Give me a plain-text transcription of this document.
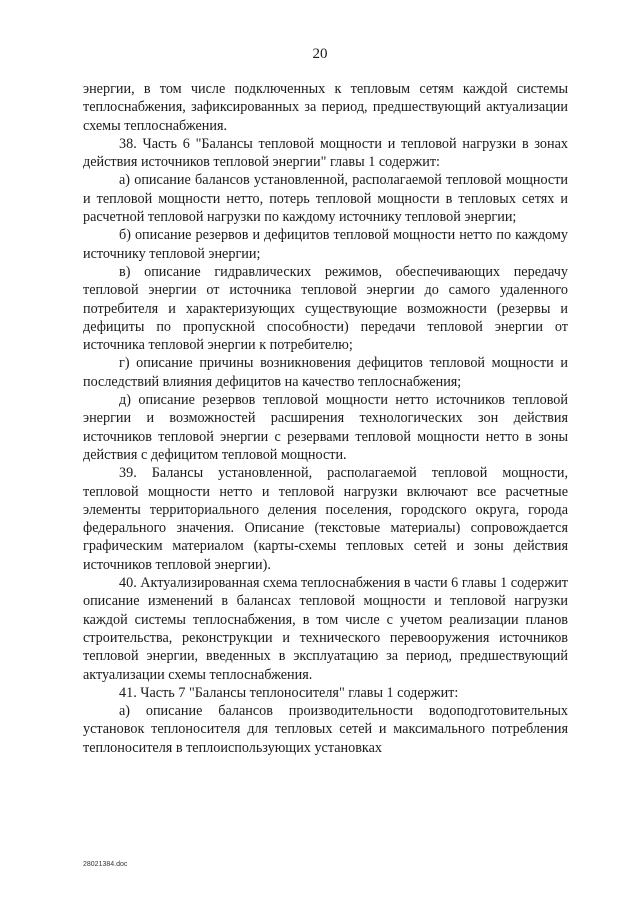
20

энергии, в том числе подключенных к тепловым сетям каждой системы теплоснабжения, зафиксированных за период, предшествующий актуализации схемы теплоснабжения.

38. Часть 6 "Балансы тепловой мощности и тепловой нагрузки в зонах действия источников тепловой энергии" главы 1 содержит:

а) описание балансов установленной, располагаемой тепловой мощности и тепловой мощности нетто, потерь тепловой мощности в тепловых сетях и расчетной тепловой нагрузки по каждому источнику тепловой энергии;

б) описание резервов и дефицитов тепловой мощности нетто по каждому источнику тепловой энергии;

в) описание гидравлических режимов, обеспечивающих передачу тепловой энергии от источника тепловой энергии до самого удаленного потребителя и характеризующих существующие возможности (резервы и дефициты по пропускной способности) передачи тепловой энергии от источника тепловой энергии к потребителю;

г) описание причины возникновения дефицитов тепловой мощности и последствий влияния дефицитов на качество теплоснабжения;

д) описание резервов тепловой мощности нетто источников тепловой энергии и возможностей расширения технологических зон действия источников тепловой энергии с резервами тепловой мощности нетто в зоны действия с дефицитом тепловой мощности.

39. Балансы установленной, располагаемой тепловой мощности, тепловой мощности нетто и тепловой нагрузки включают все расчетные элементы территориального деления поселения, городского округа, города федерального значения. Описание (текстовые материалы) сопровождается графическим материалом (карты-схемы тепловых сетей и зоны действия источников тепловой энергии).

40. Актуализированная схема теплоснабжения в части 6 главы 1 содержит описание изменений в балансах тепловой мощности и тепловой нагрузки каждой системы теплоснабжения, в том числе с учетом реализации планов строительства, реконструкции и технического перевооружения источников тепловой энергии, введенных в эксплуатацию за период, предшествующий актуализации схемы теплоснабжения.

41. Часть 7 "Балансы теплоносителя" главы 1 содержит:

а) описание балансов производительности водоподготовительных установок теплоносителя для тепловых сетей и максимального потребления теплоносителя в теплоиспользующих установках

28021384.doc
